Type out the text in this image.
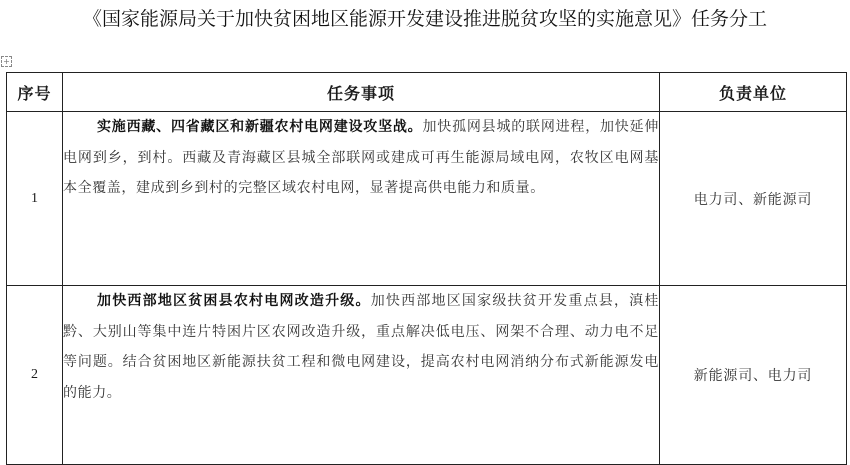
《国家能源局关于加快贫困地区能源开发建设推进脱贫攻坚的实施意见》任务分工
+
序号	任务事项	负责单位
1	实施西藏、四省藏区和新疆农村电网建设攻坚战。加快孤网县城的联网进程，加快延伸电网到乡，到村。西藏及青海藏区县城全部联网或建成可再生能源局域电网，农牧区电网基本全覆盖，建成到乡到村的完整区域农村电网，显著提高供电能力和质量。	电力司、新能源司
2	加快西部地区贫困县农村电网改造升级。加快西部地区国家级扶贫开发重点县，滇桂黔、大别山等集中连片特困片区农网改造升级，重点解决低电压、网架不合理、动力电不足等问题。结合贫困地区新能源扶贫工程和微电网建设，提高农村电网消纳分布式新能源发电的能力。	新能源司、电力司
